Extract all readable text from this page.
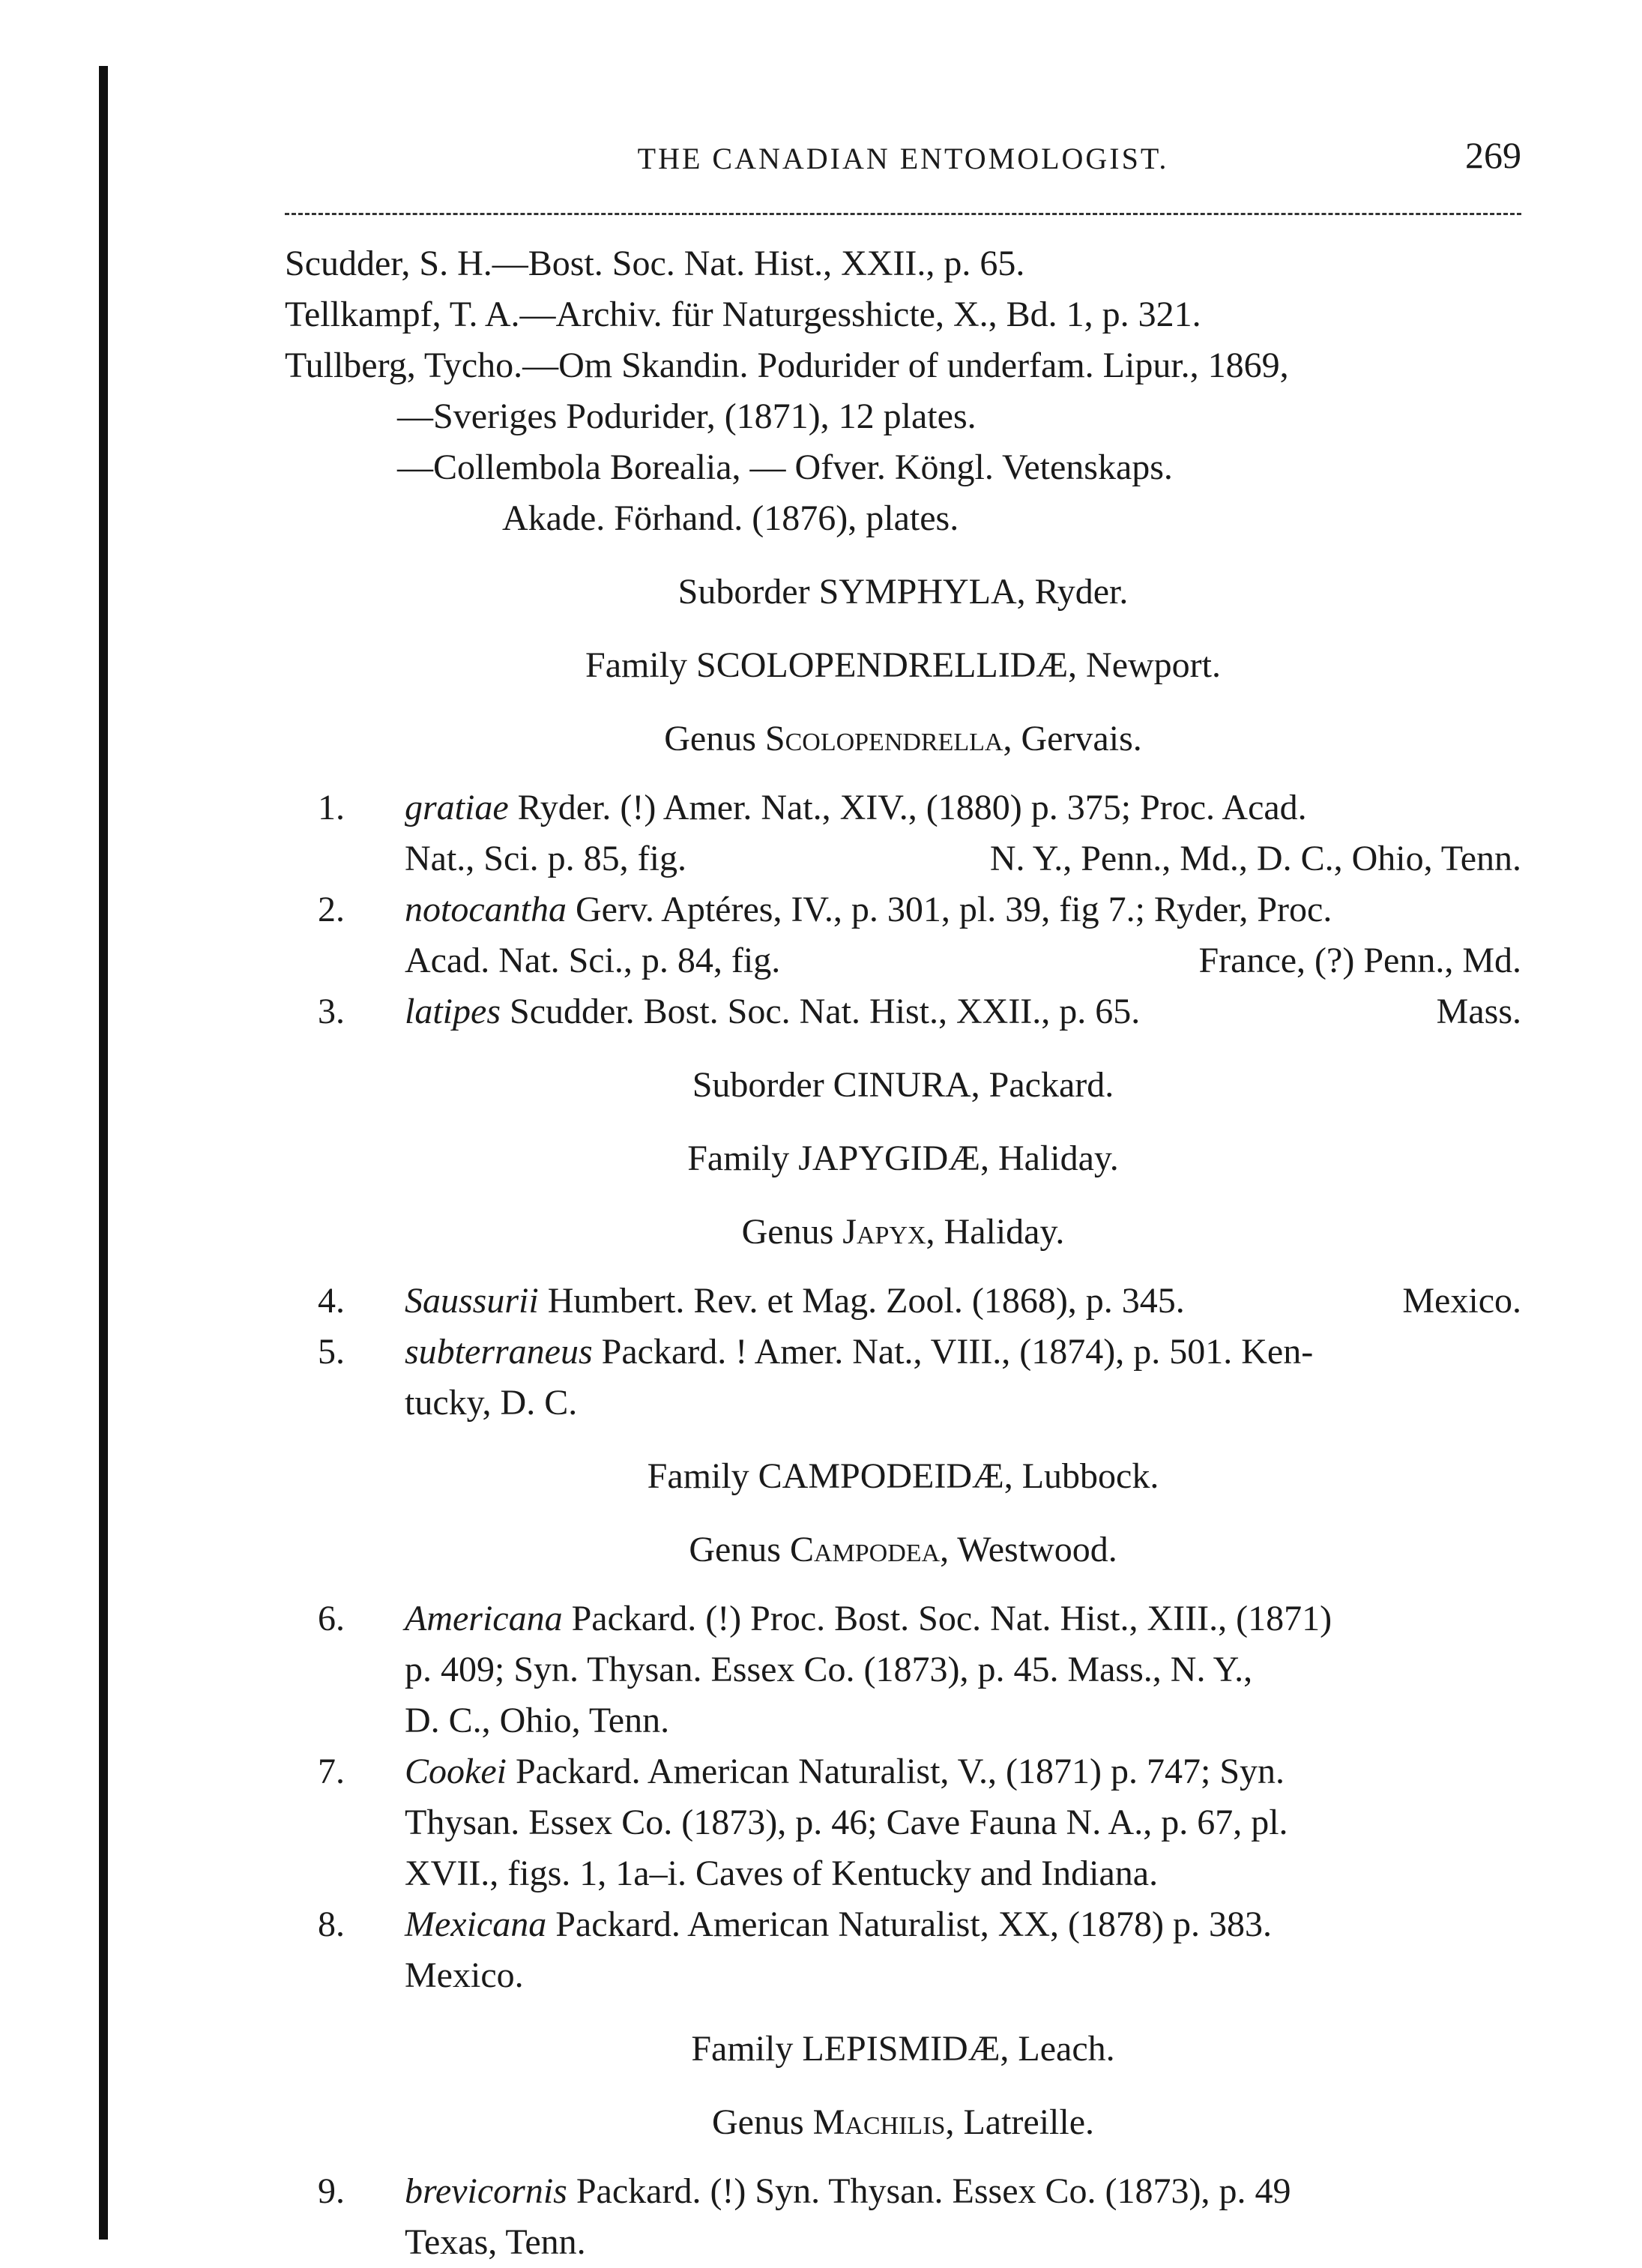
THE CANADIAN ENTOMOLOGIST.	269

Scudder, S. H.—Bost. Soc. Nat. Hist., XXII., p. 65.

Tellkampf, T. A.—Archiv. für Naturgesshicte, X., Bd. 1, p. 321.

Tullberg, Tycho.—Om Skandin. Podurider of underfam. Lipur., 1869,

—Sveriges Podurider, (1871), 12 plates.

—Collembola Borealia, — Ofver. Köngl. Vetenskaps.

Akade. Förhand. (1876), plates.

Suborder SYMPHYLA, Ryder.

Family SCOLOPENDRELLIDÆ, Newport.

Genus Scolopendrella, Gervais.

1. gratiae Ryder. (!) Amer. Nat., XIV., (1880) p. 375; Proc. Acad.
Nat., Sci. p. 85, fig.	N. Y., Penn., Md., D. C., Ohio, Tenn.

2. notocantha Gerv. Aptéres, IV., p. 301, pl. 39, fig 7.; Ryder, Proc.
Acad. Nat. Sci., p. 84, fig.	France, (?) Penn., Md.

3. latipes Scudder. Bost. Soc. Nat. Hist., XXII., p. 65.	Mass.

Suborder CINURA, Packard.

Family JAPYGIDÆ, Haliday.

Genus Japyx, Haliday.

4. Saussurii Humbert. Rev. et Mag. Zool. (1868), p. 345.	Mexico.

5. subterraneus Packard. ! Amer. Nat., VIII., (1874), p. 501. Ken-
tucky, D. C.

Family CAMPODEIDÆ, Lubbock.

Genus Campodea, Westwood.

6. Americana Packard. (!) Proc. Bost. Soc. Nat. Hist., XIII., (1871)
p. 409; Syn. Thysan. Essex Co. (1873), p. 45. Mass., N. Y.,
D. C., Ohio, Tenn.

7. Cookei Packard. American Naturalist, V., (1871) p. 747; Syn.
Thysan. Essex Co. (1873), p. 46; Cave Fauna N. A., p. 67, pl.
XVII., figs. 1, 1a–i. Caves of Kentucky and Indiana.

8. Mexicana Packard. American Naturalist, XX, (1878) p. 383.
Mexico.

Family LEPISMIDÆ, Leach.

Genus Machilis, Latreille.

9. brevicornis Packard. (!) Syn. Thysan. Essex Co. (1873), p. 49
Texas, Tenn.
